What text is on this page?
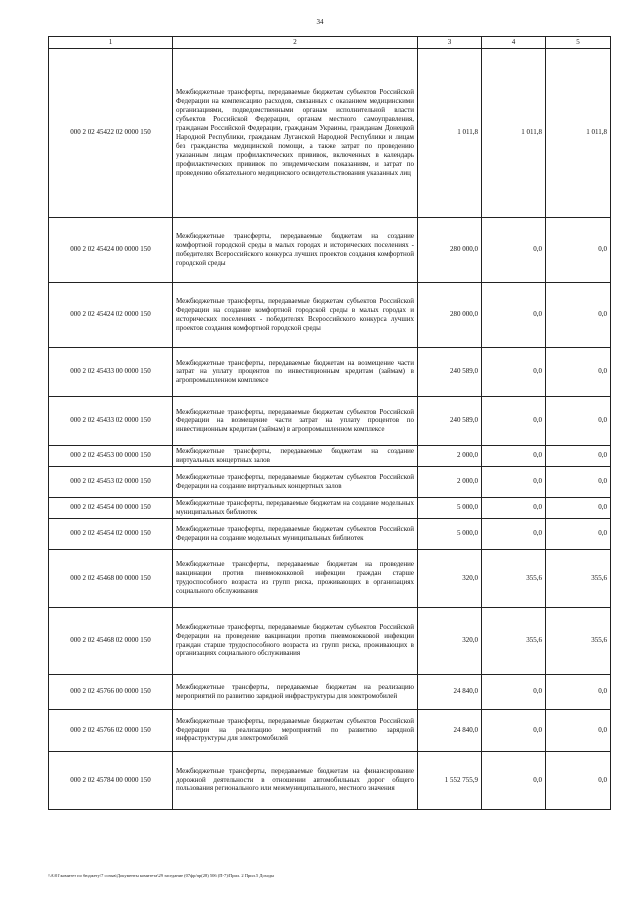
34
1	2	3	4	5
000 2 02 45422 02 0000 150	Межбюджетные трансферты, передаваемые бюджетам субъектов Российской Федерации на компенсацию расходов, связанных с оказанием медицинскими организациями, подведомственными органам исполнительной власти субъектов Российской Федерации, органам местного самоуправления, гражданам Российской Федерации, гражданам Украины, гражданам Донецкой Народной Республики, гражданам Луганской Народной Республики и лицам без гражданства медицинской помощи, а также затрат по проведению указанным лицам профилактических прививок, включенных в календарь профилактических прививок по эпидемическим показаниям, и затрат по проведению обязательного медицинского освидетельствования указанных лиц	1 011,8	1 011,8	1 011,8
000 2 02 45424 00 0000 150	Межбюджетные трансферты, передаваемые бюджетам на создание комфортной городской среды в малых городах и исторических поселениях - победителях Всероссийского конкурса лучших проектов создания комфортной городской среды	280 000,0	0,0	0,0
000 2 02 45424 02 0000 150	Межбюджетные трансферты, передаваемые бюджетам субъектов Российской Федерации на создание комфортной городской среды в малых городах и исторических поселениях - победителях Всероссийского конкурса лучших проектов создания комфортной городской среды	280 000,0	0,0	0,0
000 2 02 45433 00 0000 150	Межбюджетные трансферты, передаваемые бюджетам на возмещение части затрат на уплату процентов по инвестиционным кредитам (займам) в агропромышленном комплексе	240 589,0	0,0	0,0
000 2 02 45433 02 0000 150	Межбюджетные трансферты, передаваемые бюджетам субъектов Российской Федерации на возмещение части затрат на уплату процентов по инвестиционным кредитам (займам) в агропромышленном комплексе	240 589,0	0,0	0,0
000 2 02 45453 00 0000 150	Межбюджетные трансферты, передаваемые бюджетам на создание виртуальных концертных залов	2 000,0	0,0	0,0
000 2 02 45453 02 0000 150	Межбюджетные трансферты, передаваемые бюджетам субъектов Российской Федерации на создание виртуальных концертных залов	2 000,0	0,0	0,0
000 2 02 45454 00 0000 150	Межбюджетные трансферты, передаваемые бюджетам на создание модельных муниципальных библиотек	5 000,0	0,0	0,0
000 2 02 45454 02 0000 150	Межбюджетные трансферты, передаваемые бюджетам субъектов Российской Федерации на создание модельных муниципальных библиотек	5 000,0	0,0	0,0
000 2 02 45468 00 0000 150	Межбюджетные трансферты, передаваемые бюджетам на проведение вакцинации против пневмококковой инфекции граждан старше трудоспособного возраста из групп риска, проживающих в организациях социального обслуживания	320,0	355,6	355,6
000 2 02 45468 02 0000 150	Межбюджетные трансферты, передаваемые бюджетам субъектов Российской Федерации на проведение вакцинации против пневмококковой инфекции граждан старше трудоспособного возраста из групп риска, проживающих в организациях социального обслуживания	320,0	355,6	355,6
000 2 02 45766 00 0000 150	Межбюджетные трансферты, передаваемые бюджетам на реализацию мероприятий по развитию зарядной инфраструктуры для электромобилей	24 840,0	0,0	0,0
000 2 02 45766 02 0000 150	Межбюджетные трансферты, передаваемые бюджетам субъектов Российской Федерации на реализацию мероприятий по развитию зарядной инфраструктуры для электромобилей	24 840,0	0,0	0,0
000 2 02 45784 00 0000 150	Межбюджетные трансферты, передаваемые бюджетам на финансирование дорожной деятельности в отношении автомобильных дорог общего пользования регионального или межмуниципального, местного значения	1 552 755,9	0,0	0,0
\\A\01\комитет по бюджету\7 созыв\Документы комитета\29 заседание (07фр/пр(28) 506 (П-7)\Прил. 2 Прил.5 Доходы
